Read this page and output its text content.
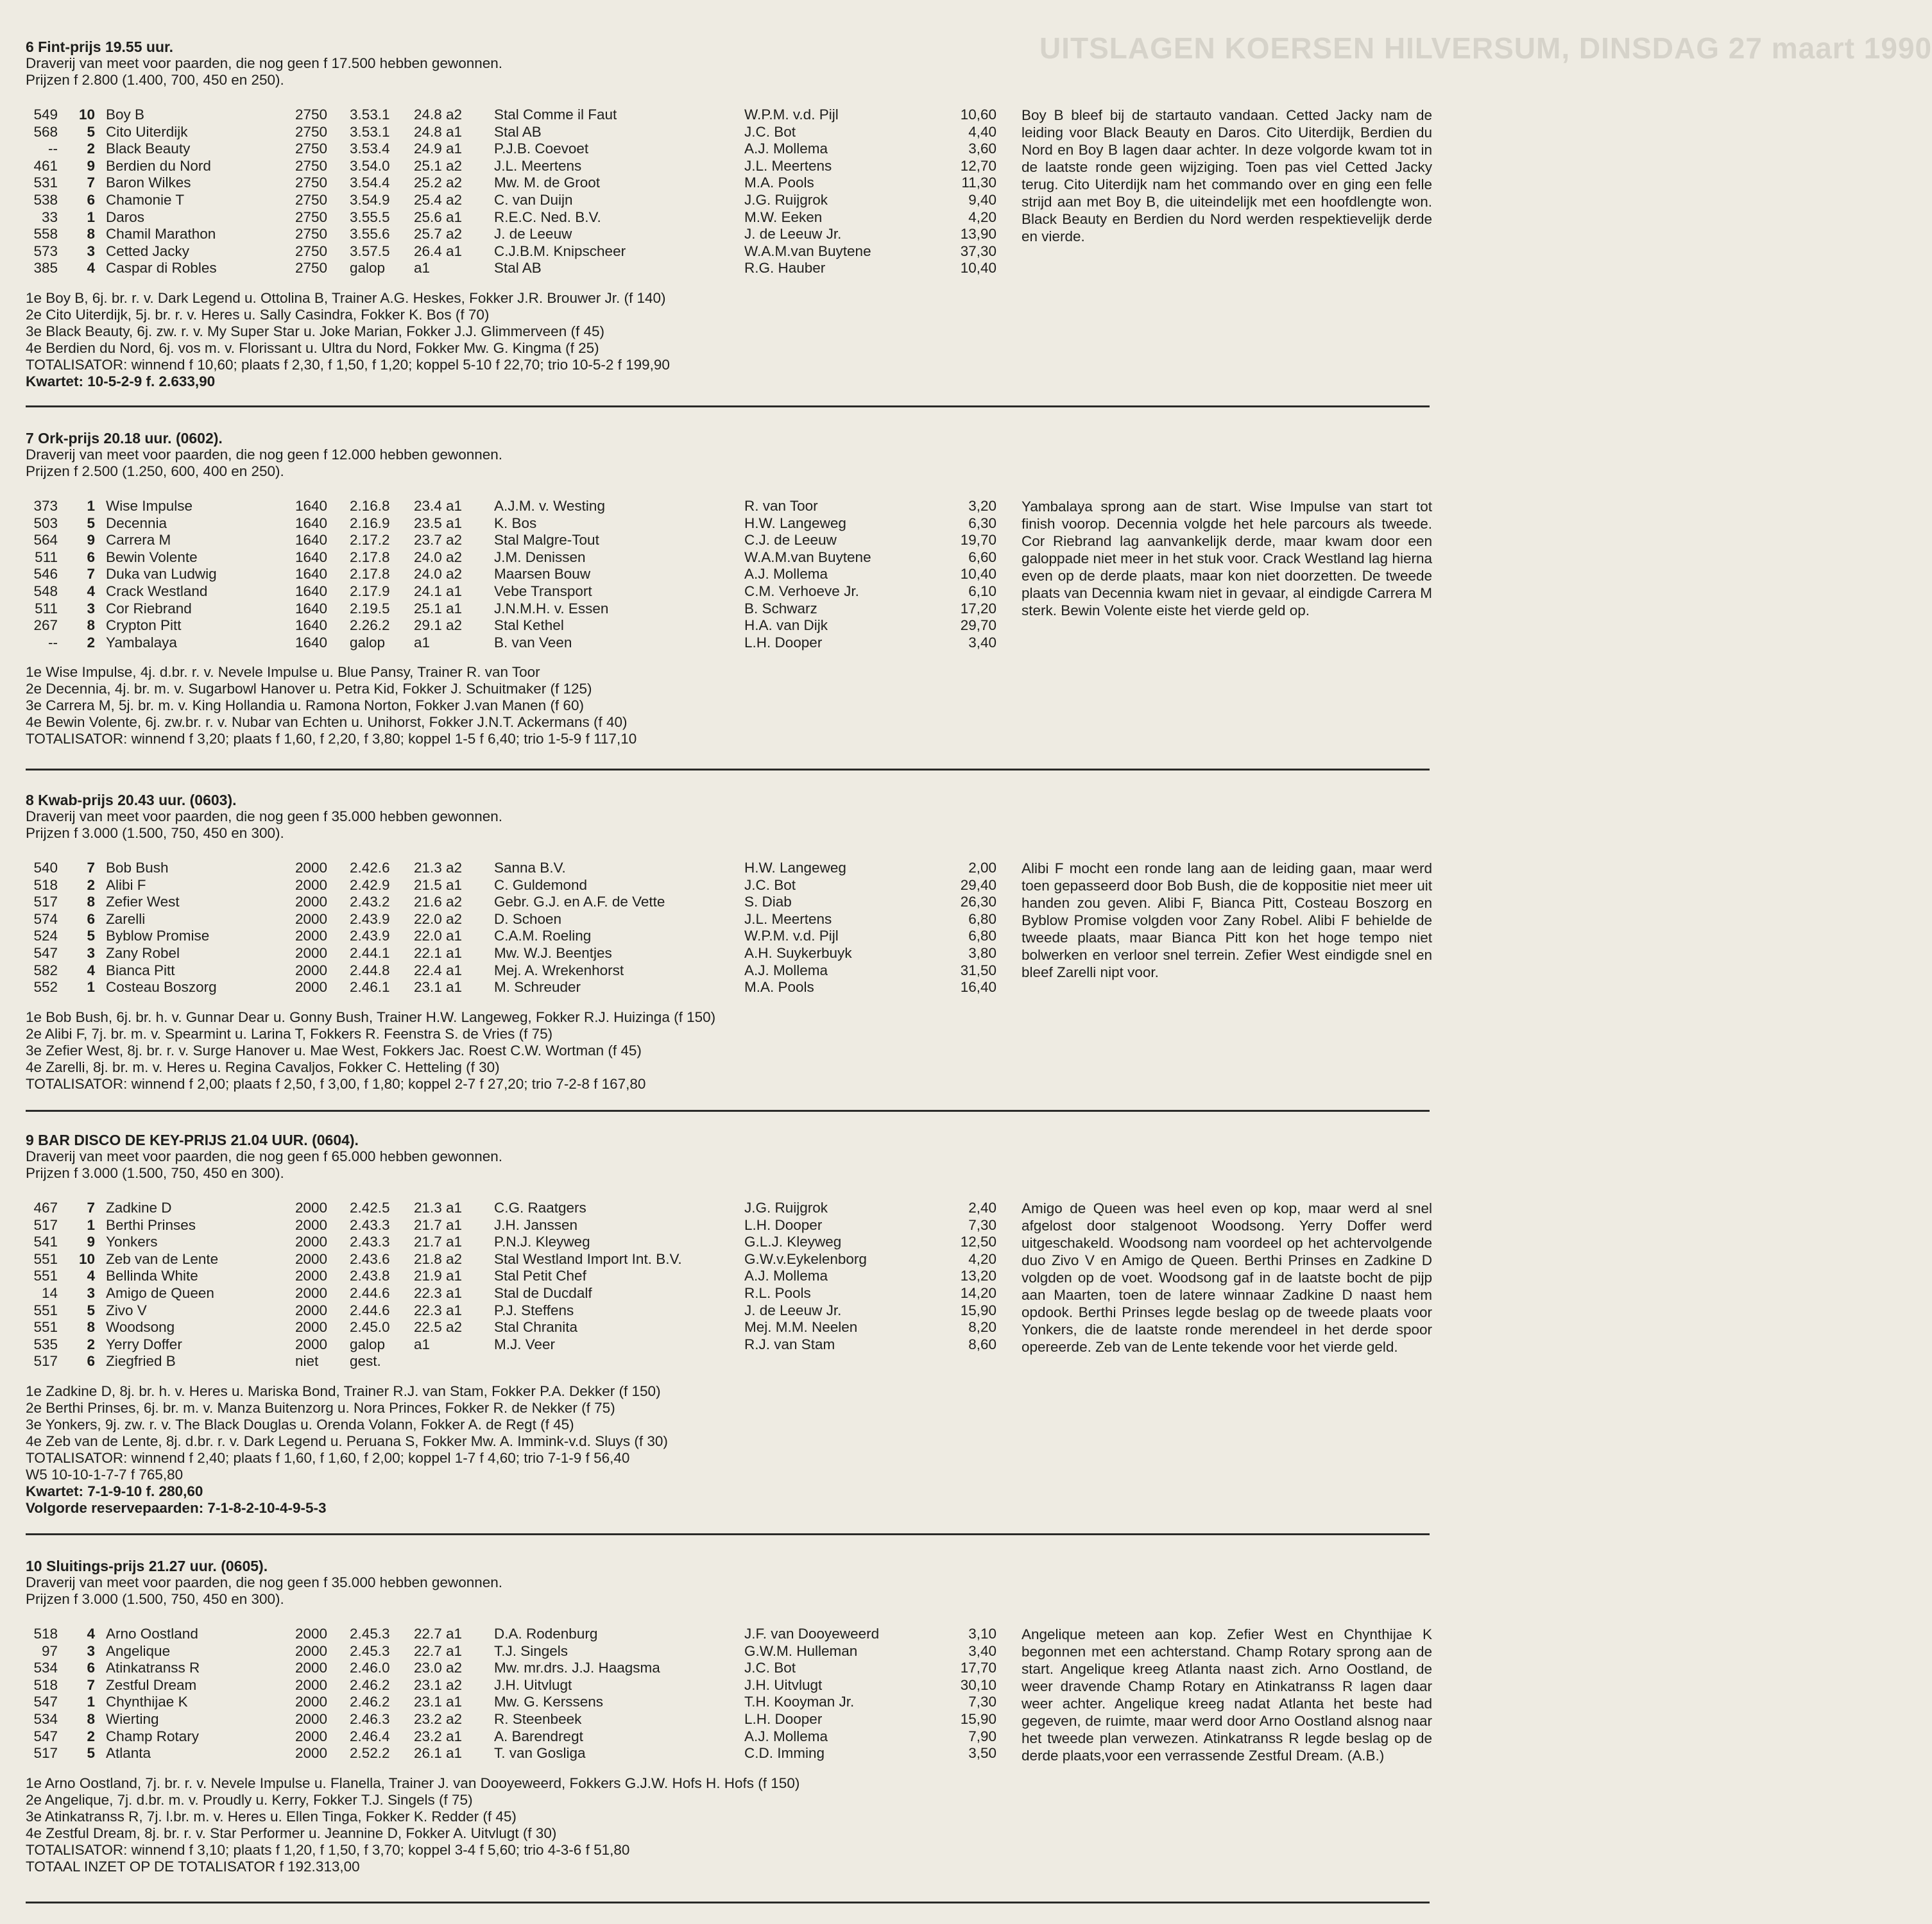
UITSLAGEN KOERSEN HILVERSUM, DINSDAG 27 maart 1990
6 Fint-prijs 19.55 uur.
Draverij van meet voor paarden, die nog geen f 17.500 hebben gewonnen.
Prijzen f 2.800 (1.400, 700, 450 en 250).
549	10 Boy B	2750 3.53.1 24.8 a2 Stal Comme il Faut	W.P.M. v.d. Pijl	10,60
568	5 Cito Uiterdijk	2750 3.53.1 24.8 a1 Stal AB	J.C. Bot	4,40
--	2 Black Beauty	2750 3.53.4 24.9 a1 P.J.B. Coevoet	A.J. Mollema	3,60
461	9 Berdien du Nord	2750 3.54.0 25.1 a2 J.L. Meertens	J.L. Meertens	12,70
531	7 Baron Wilkes	2750 3.54.4 25.2 a2 Mw. M. de Groot	M.A. Pools	11,30
538	6 Chamonie T	2750 3.54.9 25.4 a2 C. van Duijn	J.G. Ruijgrok	9,40
33	1 Daros	2750 3.55.5 25.6 a1 R.E.C. Ned. B.V.	M.W. Eeken	4,20
558	8 Chamil Marathon	2750 3.55.6 25.7 a2 J. de Leeuw	J. de Leeuw Jr.	13,90
573	3 Cetted Jacky	2750 3.57.5 26.4 a1 C.J.B.M. Knipscheer	W.A.M.van Buytene	37,30
385	4 Caspar di Robles	2750 galop a1	Stal AB	R.G. Hauber	10,40
Boy B bleef bij de startauto vandaan. Cetted Jacky nam de leiding voor Black Beauty en Daros. Cito Uiterdijk, Berdien du Nord en Boy B lagen daar achter. In deze volgorde kwam tot in de laatste ronde geen wijziging. Toen pas viel Cetted Jacky terug. Cito Uiterdijk nam het commando over en ging een felle strijd aan met Boy B, die uiteindelijk met een hoofdlengte won. Black Beauty en Berdien du Nord werden respektievelijk derde en vierde.
1e Boy B, 6j. br. r. v. Dark Legend u. Ottolina B, Trainer A.G. Heskes, Fokker J.R. Brouwer Jr. (f 140)
2e Cito Uiterdijk, 5j. br. r. v. Heres u. Sally Casindra, Fokker K. Bos (f 70)
3e Black Beauty, 6j. zw. r. v. My Super Star u. Joke Marian, Fokker J.J. Glimmerveen (f 45)
4e Berdien du Nord, 6j. vos m. v. Florissant u. Ultra du Nord, Fokker Mw. G. Kingma (f 25)
TOTALISATOR: winnend f 10,60; plaats f 2,30, f 1,50, f 1,20; koppel 5-10 f 22,70; trio 10-5-2 f 199,90
Kwartet: 10-5-2-9 f. 2.633,90
7 Ork-prijs 20.18 uur. (0602).
Draverij van meet voor paarden, die nog geen f 12.000 hebben gewonnen.
Prijzen f 2.500 (1.250, 600, 400 en 250).
373	1 Wise Impulse	1640 2.16.8 23.4 a1 A.J.M. v. Westing	R. van Toor	3,20
503	5 Decennia	1640 2.16.9 23.5 a1 K. Bos	H.W. Langeweg	6,30
564	9 Carrera M	1640 2.17.2 23.7 a2 Stal Malgre-Tout	C.J. de Leeuw	19,70
511	6 Bewin Volente	1640 2.17.8 24.0 a2 J.M. Denissen	W.A.M.van Buytene	6,60
546	7 Duka van Ludwig	1640 2.17.8 24.0 a2 Maarsen Bouw	A.J. Mollema	10,40
548	4 Crack Westland	1640 2.17.9 24.1 a1 Vebe Transport	C.M. Verhoeve Jr.	6,10
511	3 Cor Riebrand	1640 2.19.5 25.1 a1 J.N.M.H. v. Essen	B. Schwarz	17,20
267	8 Crypton Pitt	1640 2.26.2 29.1 a2 Stal Kethel	H.A. van Dijk	29,70
--	2 Yambalaya	1640 galop a1	B. van Veen	L.H. Dooper	3,40
Yambalaya sprong aan de start. Wise Impulse van start tot finish voorop. Decennia volgde het hele parcours als tweede. Cor Riebrand lag aanvankelijk derde, maar kwam door een galoppade niet meer in het stuk voor. Crack Westland lag hierna even op de derde plaats, maar kon niet doorzetten. De tweede plaats van Decennia kwam niet in gevaar, al eindigde Carrera M sterk. Bewin Volente eiste het vierde geld op.
1e Wise Impulse, 4j. d.br. r. v. Nevele Impulse u. Blue Pansy, Trainer R. van Toor
2e Decennia, 4j. br. m. v. Sugarbowl Hanover u. Petra Kid, Fokker J. Schuitmaker (f 125)
3e Carrera M, 5j. br. m. v. King Hollandia u. Ramona Norton, Fokker J.van Manen (f 60)
4e Bewin Volente, 6j. zw.br. r. v. Nubar van Echten u. Unihorst, Fokker J.N.T. Ackermans (f 40)
TOTALISATOR: winnend f 3,20; plaats f 1,60, f 2,20, f 3,80; koppel 1-5 f 6,40; trio 1-5-9 f 117,10
8 Kwab-prijs 20.43 uur. (0603).
Draverij van meet voor paarden, die nog geen f 35.000 hebben gewonnen.
Prijzen f 3.000 (1.500, 750, 450 en 300).
540	7 Bob Bush	2000 2.42.6 21.3 a2 Sanna B.V.	H.W. Langeweg	2,00
518	2 Alibi F	2000 2.42.9 21.5 a1 C. Guldemond	J.C. Bot	29,40
517	8 Zefier West	2000 2.43.2 21.6 a2 Gebr. G.J. en A.F. de Vette	S. Diab	26,30
574	6 Zarelli	2000 2.43.9 22.0 a2 D. Schoen	J.L. Meertens	6,80
524	5 Byblow Promise	2000 2.43.9 22.0 a1 C.A.M. Roeling	W.P.M. v.d. Pijl	6,80
547	3 Zany Robel	2000 2.44.1 22.1 a1 Mw. W.J. Beentjes	A.H. Suykerbuyk	3,80
582	4 Bianca Pitt	2000 2.44.8 22.4 a1 Mej. A. Wrekenhorst	A.J. Mollema	31,50
552	1 Costeau Boszorg	2000 2.46.1 23.1 a1 M. Schreuder	M.A. Pools	16,40
Alibi F mocht een ronde lang aan de leiding gaan, maar werd toen gepasseerd door Bob Bush, die de koppositie niet meer uit handen zou geven. Alibi F, Bianca Pitt, Costeau Boszorg en Byblow Promise volgden voor Zany Robel. Alibi F behielde de tweede plaats, maar Bianca Pitt kon het hoge tempo niet bolwerken en verloor snel terrein. Zefier West eindigde snel en bleef Zarelli nipt voor.
1e Bob Bush, 6j. br. h. v. Gunnar Dear u. Gonny Bush, Trainer H.W. Langeweg, Fokker R.J. Huizinga (f 150)
2e Alibi F, 7j. br. m. v. Spearmint u. Larina T, Fokkers R. Feenstra S. de Vries (f 75)
3e Zefier West, 8j. br. r. v. Surge Hanover u. Mae West, Fokkers Jac. Roest C.W. Wortman (f 45)
4e Zarelli, 8j. br. m. v. Heres u. Regina Cavaljos, Fokker C. Hetteling (f 30)
TOTALISATOR: winnend f 2,00; plaats f 2,50, f 3,00, f 1,80; koppel 2-7 f 27,20; trio 7-2-8 f 167,80
9 BAR DISCO DE KEY-PRIJS 21.04 UUR. (0604).
Draverij van meet voor paarden, die nog geen f 65.000 hebben gewonnen.
Prijzen f 3.000 (1.500, 750, 450 en 300).
467	7 Zadkine D	2000 2.42.5 21.3 a1 C.G. Raatgers	J.G. Ruijgrok	2,40
517	1 Berthi Prinses	2000 2.43.3 21.7 a1 J.H. Janssen	L.H. Dooper	7,30
541	9 Yonkers	2000 2.43.3 21.7 a1 P.N.J. Kleyweg	G.L.J. Kleyweg	12,50
551	10 Zeb van de Lente	2000 2.43.6 21.8 a2 Stal Westland Import Int. B.V.	G.W.v.Eykelenborg	4,20
551	4 Bellinda White	2000 2.43.8 21.9 a1 Stal Petit Chef	A.J. Mollema	13,20
14	3 Amigo de Queen	2000 2.44.6 22.3 a1 Stal de Ducdalf	R.L. Pools	14,20
551	5 Zivo V	2000 2.44.6 22.3 a1 P.J. Steffens	J. de Leeuw Jr.	15,90
551	8 Woodsong	2000 2.45.0 22.5 a2 Stal Chranita	Mej. M.M. Neelen	8,20
535	2 Yerry Doffer	2000 galop a1	M.J. Veer	R.J. van Stam	8,60
517	6 Ziegfried B	niet gest.
Amigo de Queen was heel even op kop, maar werd al snel afgelost door stalgenoot Woodsong. Yerry Doffer werd uitgeschakeld. Woodsong nam voordeel op het achtervolgende duo Zivo V en Amigo de Queen. Berthi Prinses en Zadkine D volgden op de voet. Woodsong gaf in de laatste bocht de pijp aan Maarten, toen de latere winnaar Zadkine D naast hem opdook. Berthi Prinses legde beslag op de tweede plaats voor Yonkers, die de laatste ronde merendeel in het derde spoor opereerde. Zeb van de Lente tekende voor het vierde geld.
1e Zadkine D, 8j. br. h. v. Heres u. Mariska Bond, Trainer R.J. van Stam, Fokker P.A. Dekker (f 150)
2e Berthi Prinses, 6j. br. m. v. Manza Buitenzorg u. Nora Princes, Fokker R. de Nekker (f 75)
3e Yonkers, 9j. zw. r. v. The Black Douglas u. Orenda Volann, Fokker A. de Regt (f 45)
4e Zeb van de Lente, 8j. d.br. r. v. Dark Legend u. Peruana S, Fokker Mw. A. Immink-v.d. Sluys (f 30)
TOTALISATOR: winnend f 2,40; plaats f 1,60, f 1,60, f 2,00; koppel 1-7 f 4,60; trio 7-1-9 f 56,40
W5 10-10-1-7-7 f 765,80
Kwartet: 7-1-9-10 f. 280,60
Volgorde reservepaarden: 7-1-8-2-10-4-9-5-3
10 Sluitings-prijs 21.27 uur. (0605).
Draverij van meet voor paarden, die nog geen f 35.000 hebben gewonnen.
Prijzen f 3.000 (1.500, 750, 450 en 300).
518	4 Arno Oostland	2000 2.45.3 22.7 a1 D.A. Rodenburg	J.F. van Dooyeweerd	3,10
97	3 Angelique	2000 2.45.3 22.7 a1 T.J. Singels	G.W.M. Hulleman	3,40
534	6 Atinkatranss R	2000 2.46.0 23.0 a2 Mw. mr.drs. J.J. Haagsma	J.C. Bot	17,70
518	7 Zestful Dream	2000 2.46.2 23.1 a2 J.H. Uitvlugt	J.H. Uitvlugt	30,10
547	1 Chynthijae K	2000 2.46.2 23.1 a1 Mw. G. Kerssens	T.H. Kooyman Jr.	7,30
534	8 Wierting	2000 2.46.3 23.2 a2 R. Steenbeek	L.H. Dooper	15,90
547	2 Champ Rotary	2000 2.46.4 23.2 a1 A. Barendregt	A.J. Mollema	7,90
517	5 Atlanta	2000 2.52.2 26.1 a1 T. van Gosliga	C.D. Imming	3,50
Angelique meteen aan kop. Zefier West en Chynthijae K begonnen met een achterstand. Champ Rotary sprong aan de start. Angelique kreeg Atlanta naast zich. Arno Oostland, de weer dravende Champ Rotary en Atinkatranss R lagen daar weer achter. Angelique kreeg nadat Atlanta het beste had gegeven, de ruimte, maar werd door Arno Oostland alsnog naar het tweede plan verwezen. Atinkatranss R legde beslag op de derde plaats,voor een verrassende Zestful Dream. (A.B.)
1e Arno Oostland, 7j. br. r. v. Nevele Impulse u. Flanella, Trainer J. van Dooyeweerd, Fokkers G.J.W. Hofs H. Hofs (f 150)
2e Angelique, 7j. d.br. m. v. Proudly u. Kerry, Fokker T.J. Singels (f 75)
3e Atinkatranss R, 7j. l.br. m. v. Heres u. Ellen Tinga, Fokker K. Redder (f 45)
4e Zestful Dream, 8j. br. r. v. Star Performer u. Jeannine D, Fokker A. Uitvlugt (f 30)
TOTALISATOR: winnend f 3,10; plaats f 1,20, f 1,50, f 3,70; koppel 3-4 f 5,60; trio 4-3-6 f 51,80
TOTAAL INZET OP DE TOTALISATOR f 192.313,00
